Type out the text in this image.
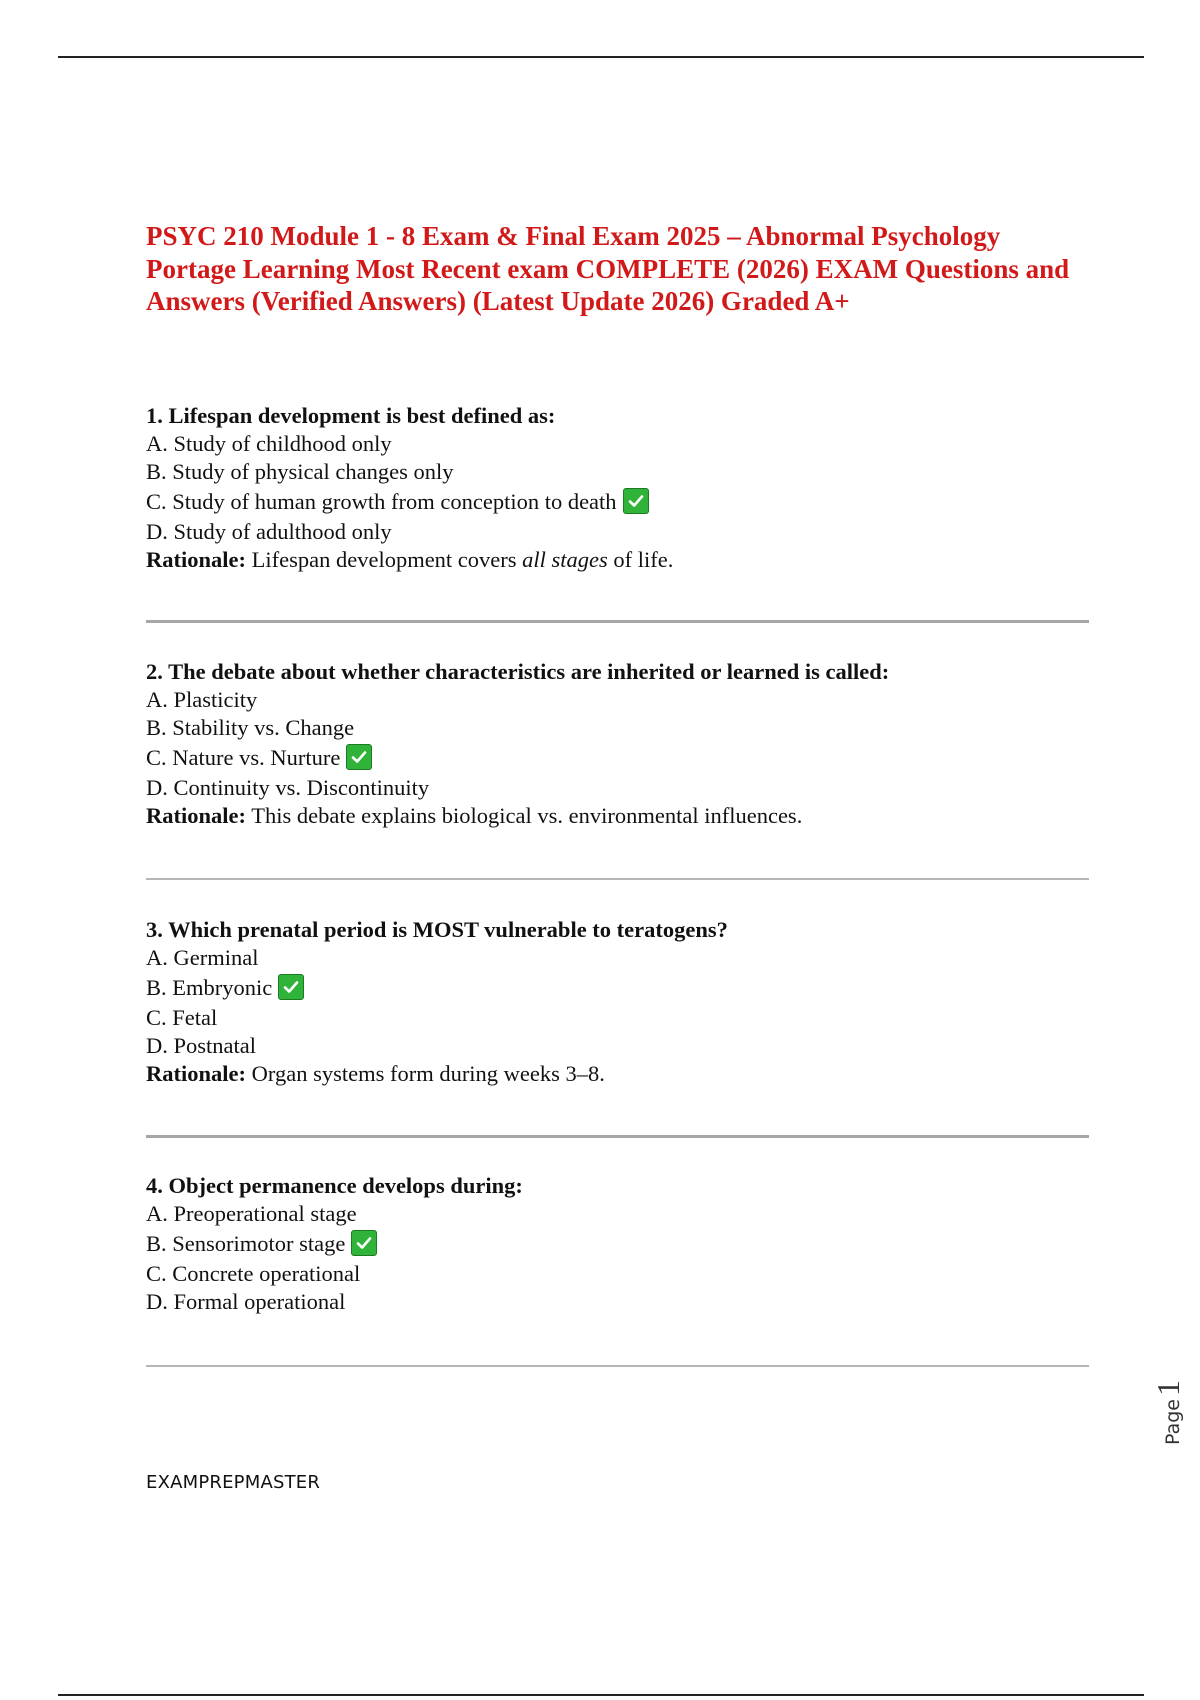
PSYC 210 Module 1 - 8 Exam & Final Exam 2025 – Abnormal Psychology Portage Learning Most Recent exam COMPLETE (2026) EXAM Questions and Answers (Verified Answers) (Latest Update 2026) Graded A+

1. Lifespan development is best defined as:

A. Study of childhood only
B. Study of physical changes only
C. Study of human growth from conception to death
D. Study of adulthood only

Rationale: Lifespan development covers all stages of life.

2. The debate about whether characteristics are inherited or learned is called:

A. Plasticity
B. Stability vs. Change
C. Nature vs. Nurture
D. Continuity vs. Discontinuity

Rationale: This debate explains biological vs. environmental influences.

3. Which prenatal period is MOST vulnerable to teratogens?

A. Germinal
B. Embryonic
C. Fetal
D. Postnatal

Rationale: Organ systems form during weeks 3–8.

4. Object permanence develops during:

A. Preoperational stage
B. Sensorimotor stage
C. Concrete operational
D. Formal operational
Page1
EXAMPREPMASTER
